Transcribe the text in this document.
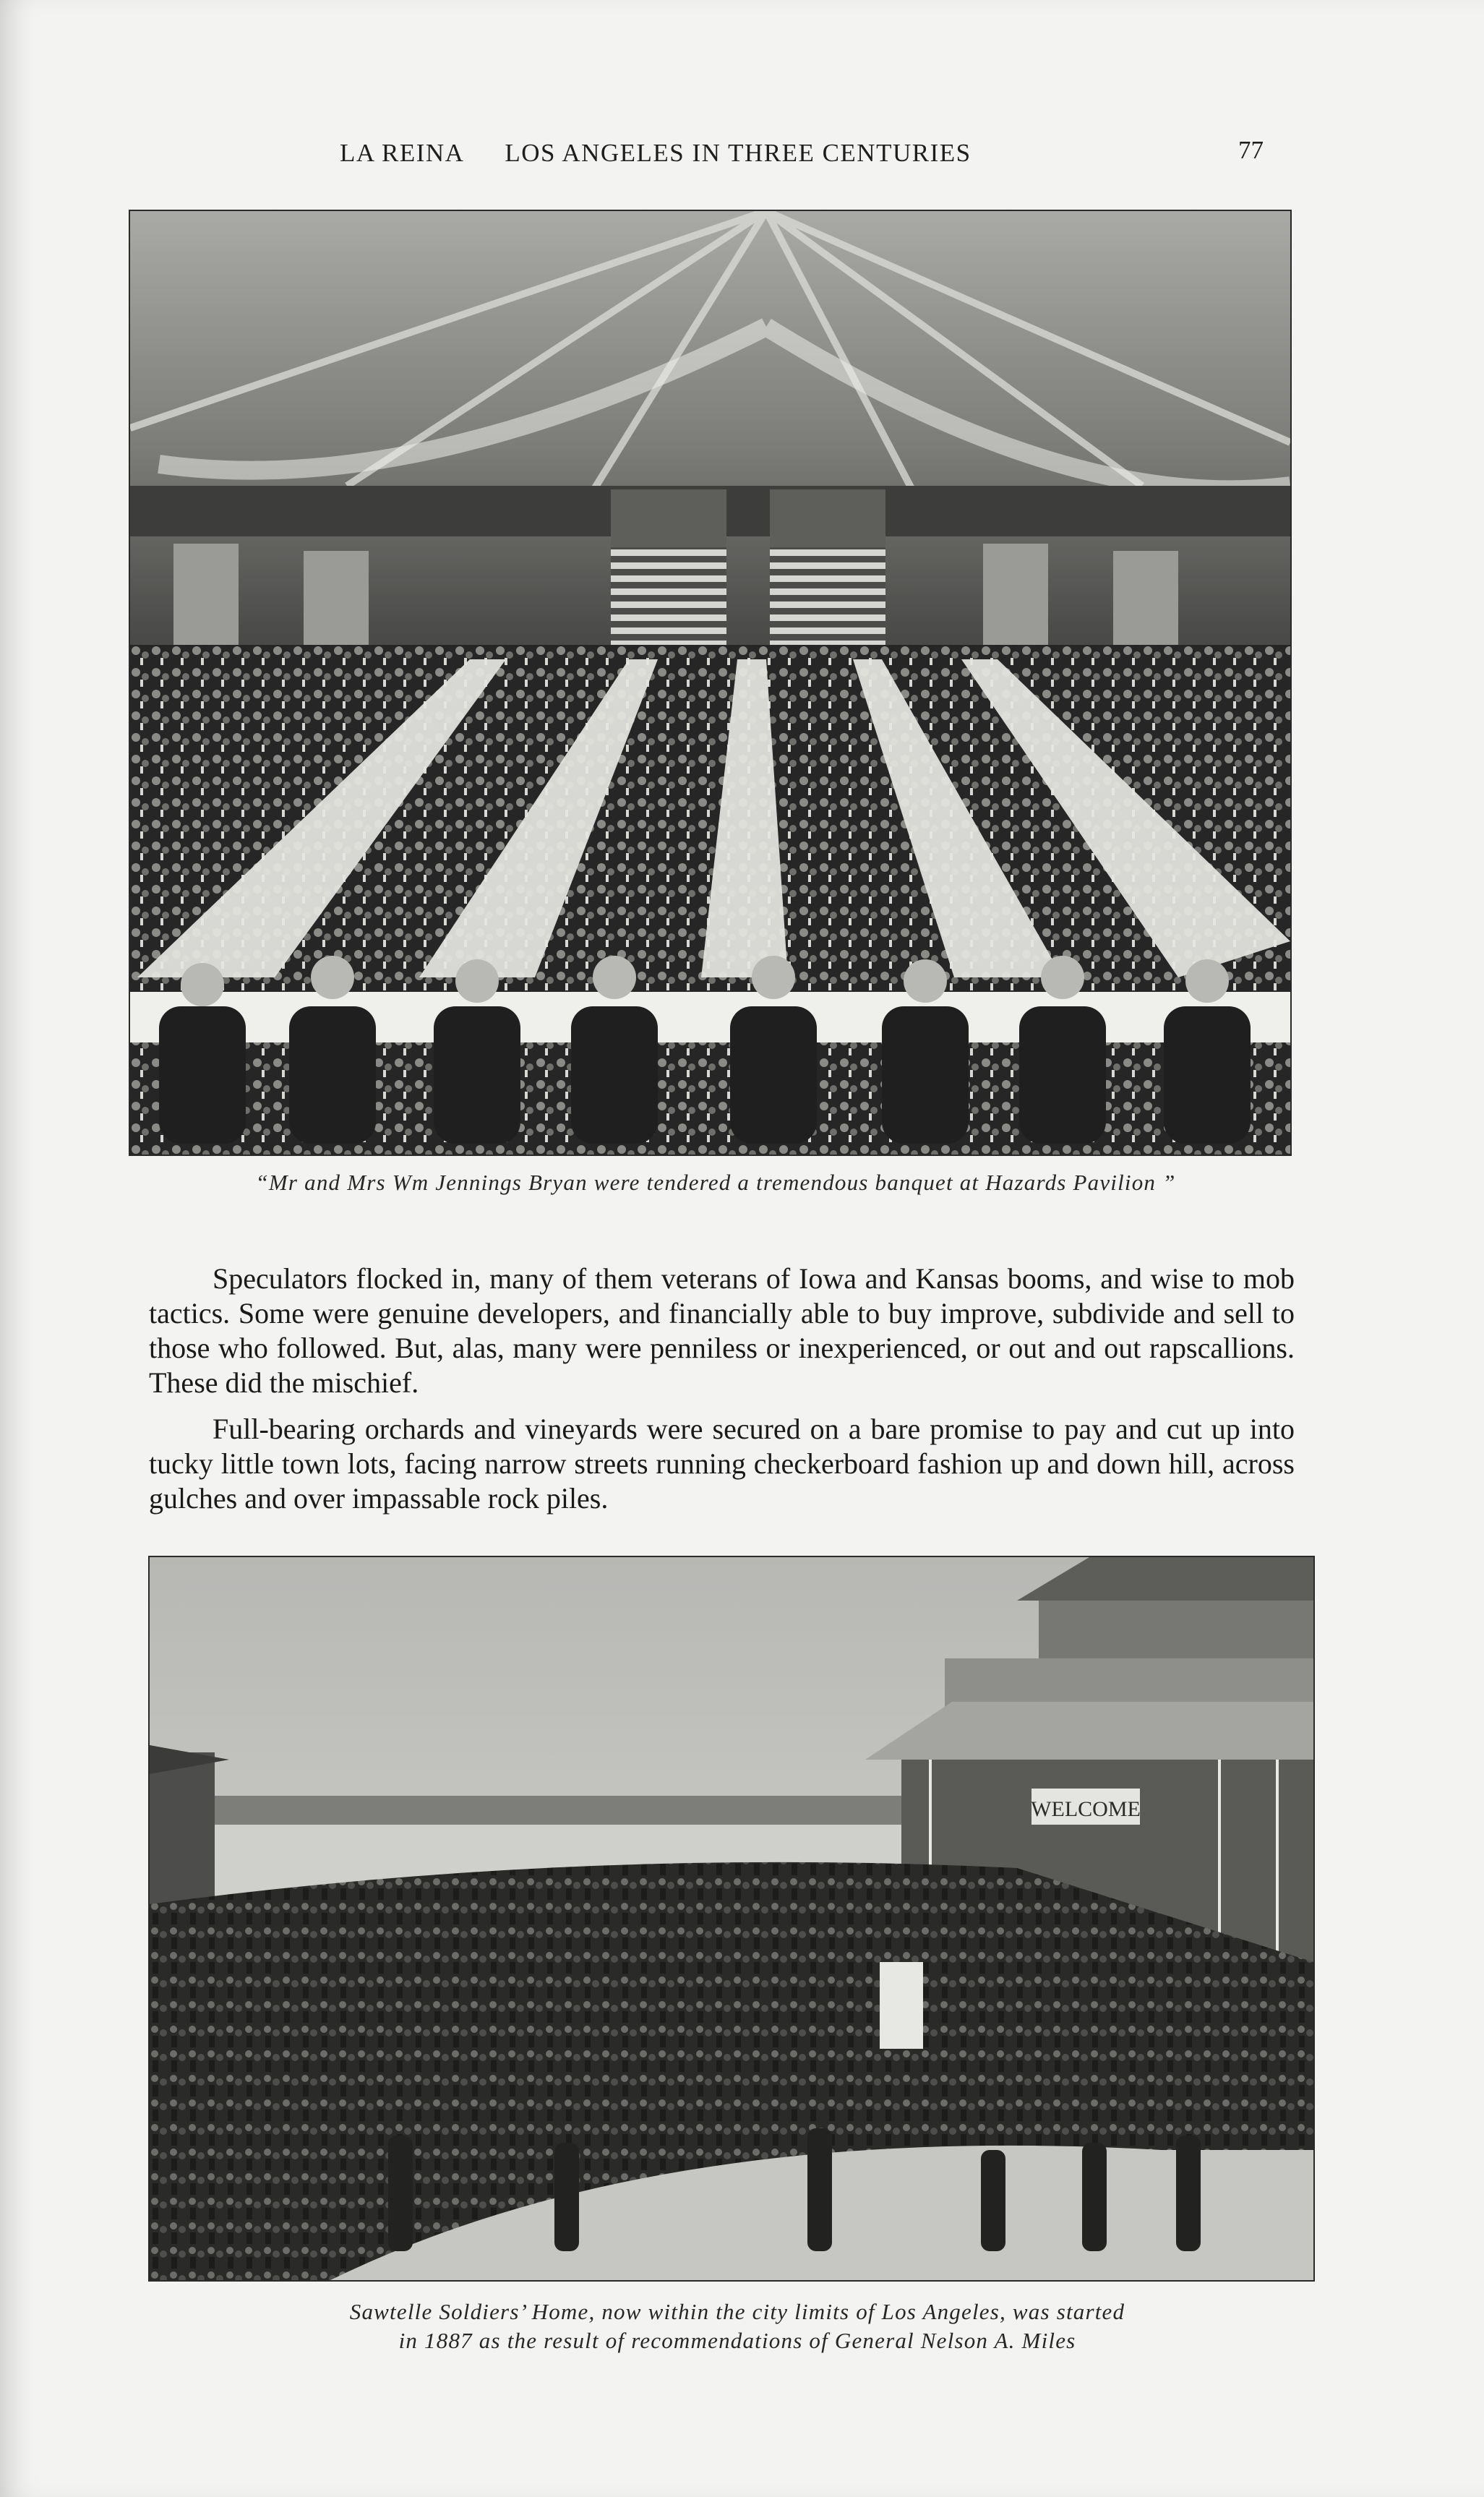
LA REINA LOS ANGELES IN THREE CENTURIES	77
“Mr and Mrs Wm Jennings Bryan were tendered a tremendous banquet at Hazards Pavilion ”

Speculators flocked in, many of them veterans of Iowa and Kansas booms, and wise to mob tactics. Some were genuine developers, and financially able to buy improve, subdivide and sell to those who followed. But, alas, many were penniless or inexperienced, or out and out rapscallions. These did the mischief.

Full-bearing orchards and vineyards were secured on a bare promise to pay and cut up into tucky little town lots, facing narrow streets running checkerboard fashion up and down hill, across gulches and over impassable rock piles.

WELCOME
Sawtelle Soldiers’ Home, now within the city limits of Los Angeles, was started
in 1887 as the result of recommendations of General Nelson A. Miles
